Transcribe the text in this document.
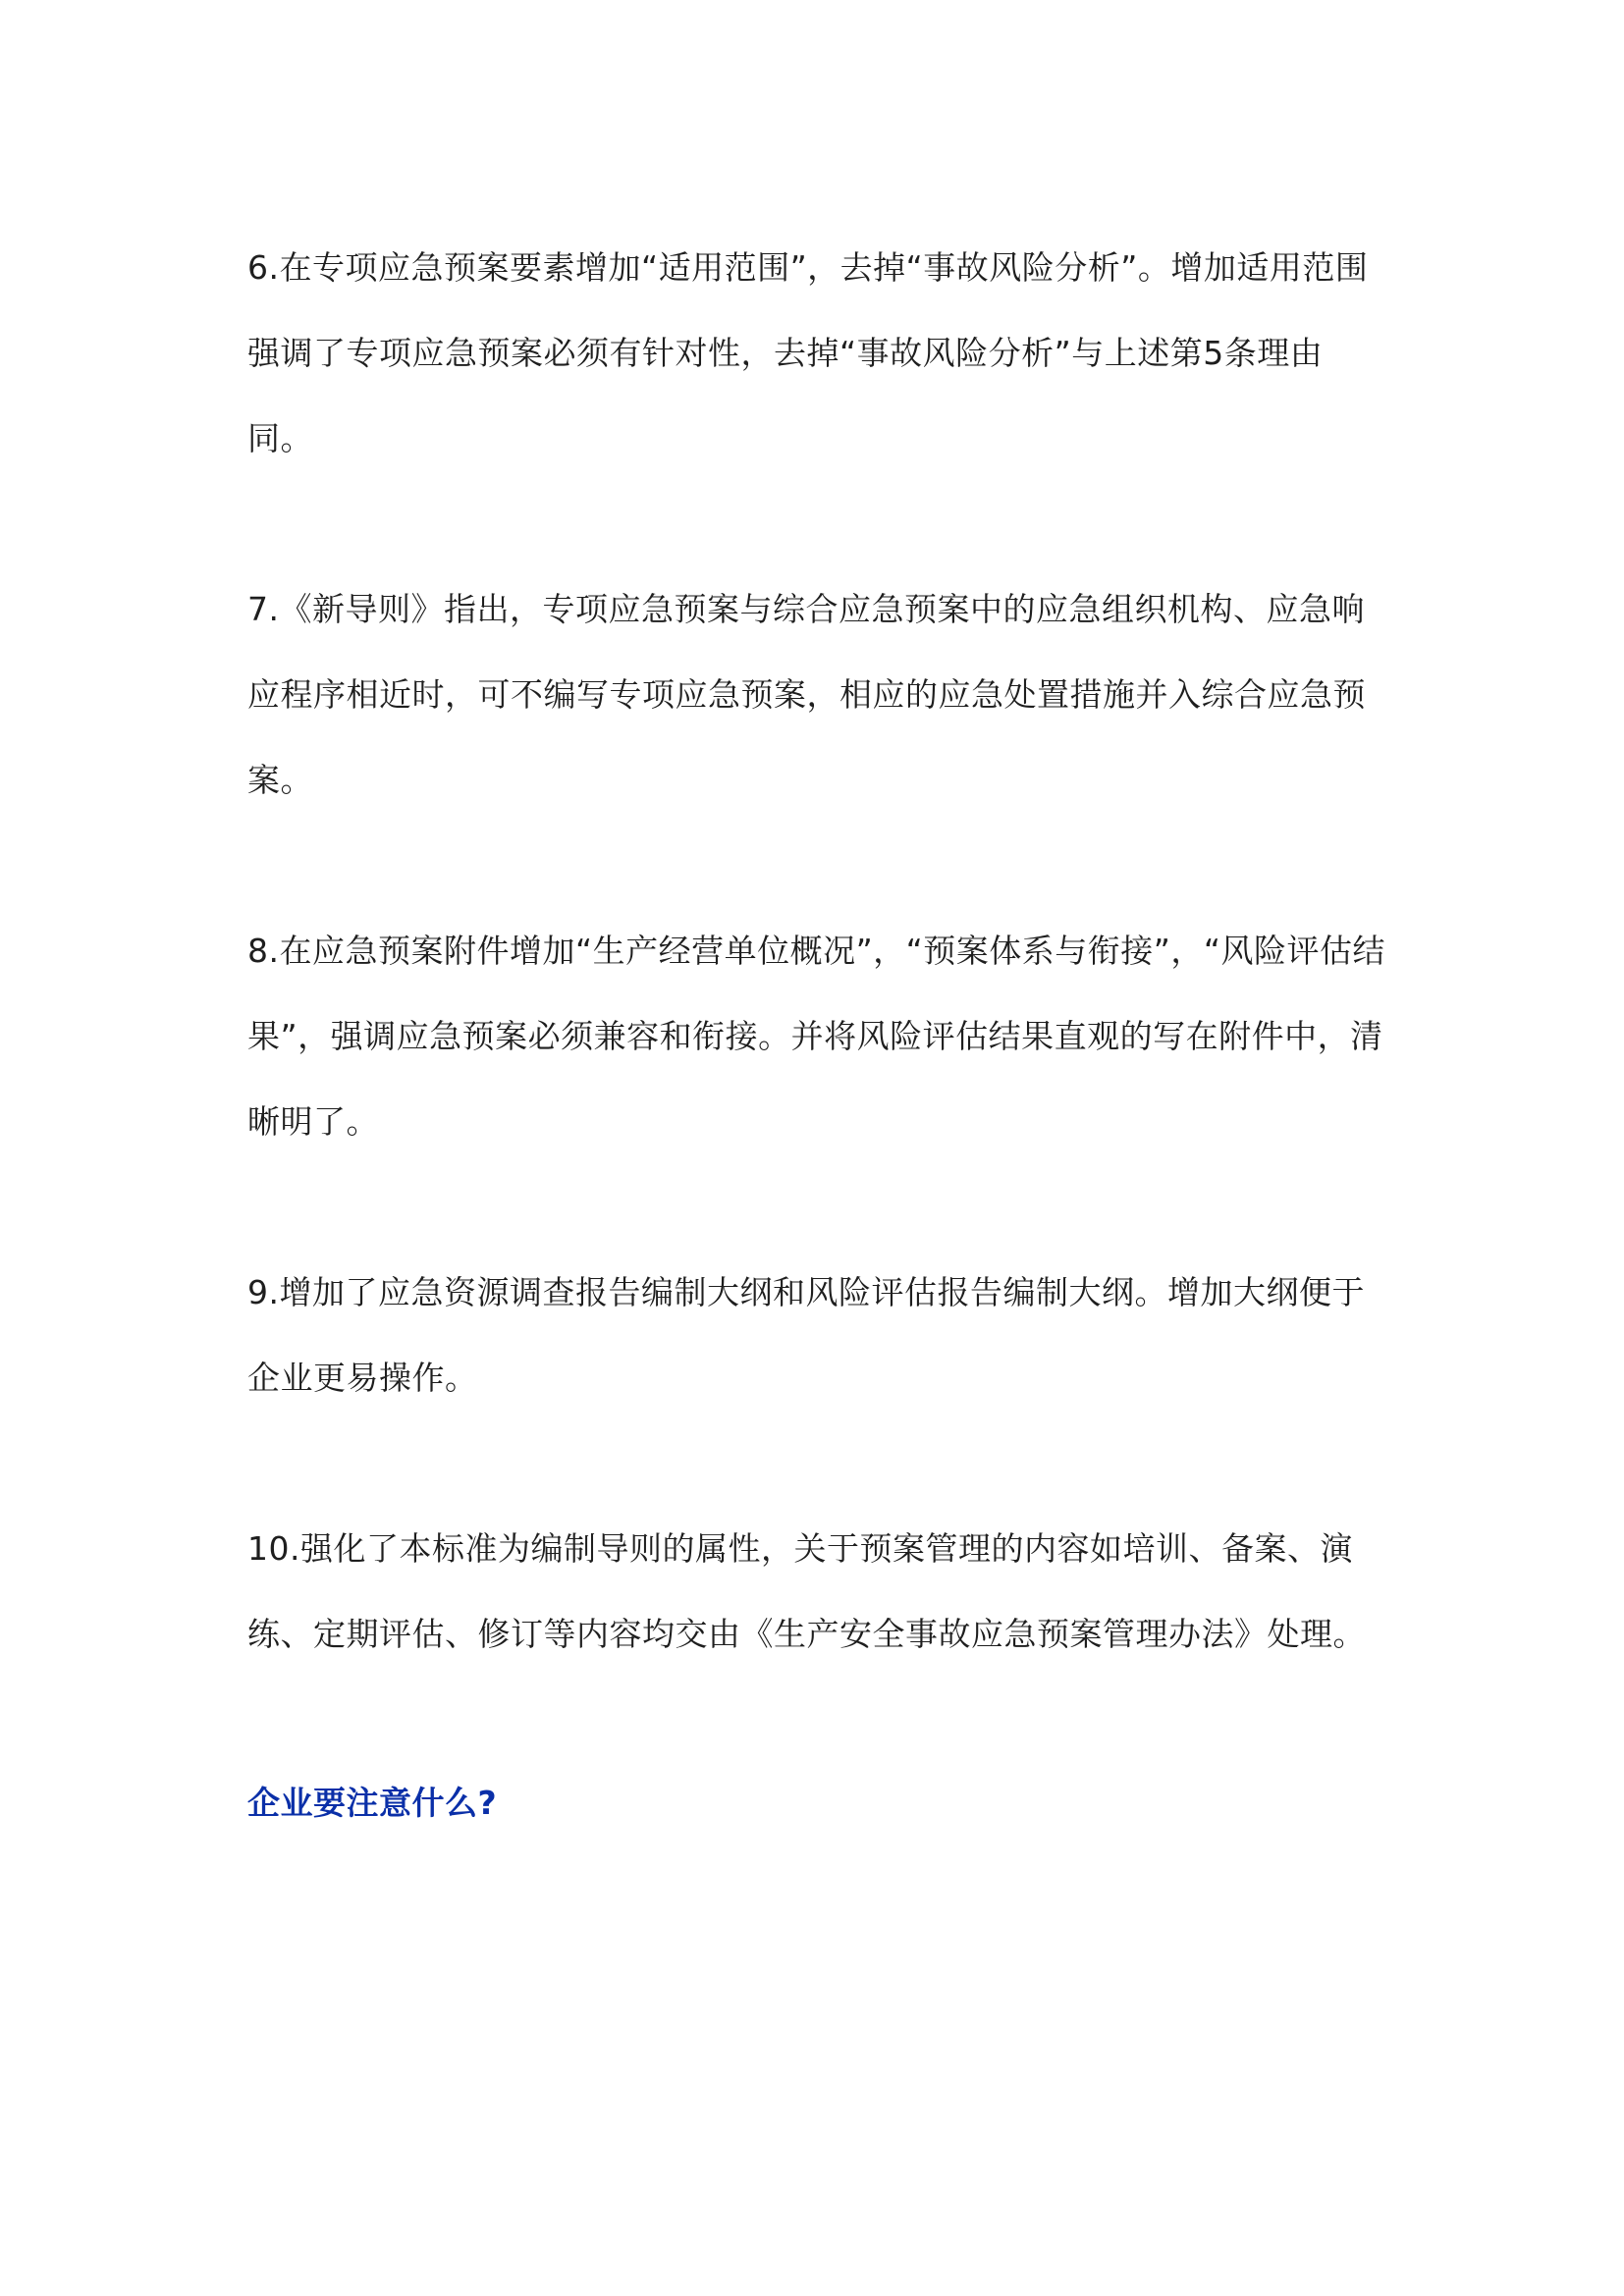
6.在专项应急预案要素增加“适用范围”，去掉“事故风险分析”。增加适用范围强调了专项应急预案必须有针对性，去掉“事故风险分析”与上述第5条理由同。

7.《新导则》指出，专项应急预案与综合应急预案中的应急组织机构、应急响应程序相近时，可不编写专项应急预案，相应的应急处置措施并入综合应急预案。

8.在应急预案附件增加“生产经营单位概况”，“预案体系与衔接”，“风险评估结果”，强调应急预案必须兼容和衔接。并将风险评估结果直观的写在附件中，清晰明了。

9.增加了应急资源调查报告编制大纲和风险评估报告编制大纲。增加大纲便于企业更易操作。

10.强化了本标准为编制导则的属性，关于预案管理的内容如培训、备案、演练、定期评估、修订等内容均交由《生产安全事故应急预案管理办法》处理。

企业要注意什么?
